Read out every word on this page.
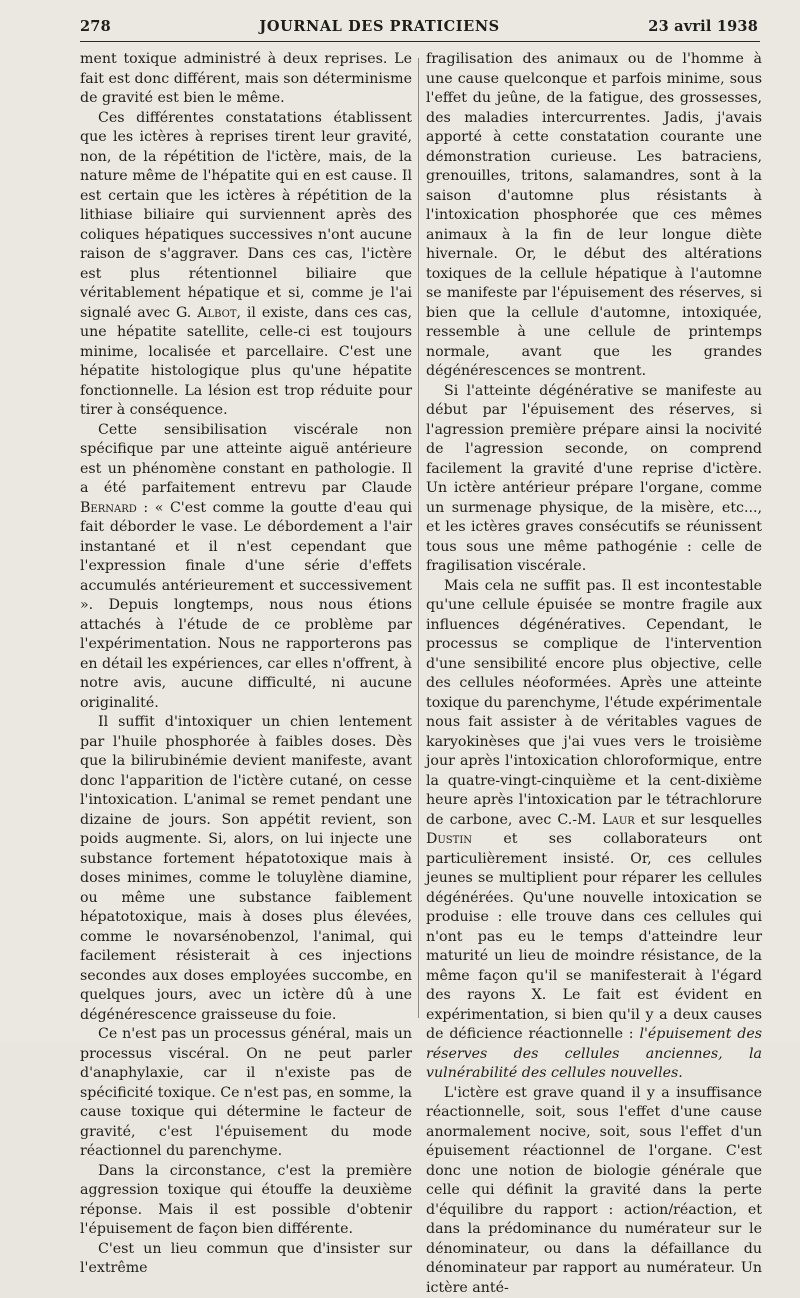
278	JOURNAL DES PRATICIENS	23 avril 1938

ment toxique administré à deux reprises. Le fait est donc différent, mais son déterminisme de gravité est bien le même.

Ces différentes constatations établissent que les ictères à reprises tirent leur gravité, non, de la répétition de l'ictère, mais, de la nature même de l'hépatite qui en est cause. Il est certain que les ictères à répétition de la lithiase biliaire qui surviennent après des coliques hépatiques successives n'ont aucune raison de s'aggraver. Dans ces cas, l'ictère est plus rétentionnel biliaire que véritablement hépatique et si, comme je l'ai signalé avec G. Albot, il existe, dans ces cas, une hépatite satellite, celle-ci est toujours minime, localisée et parcellaire. C'est une hépatite histologique plus qu'une hépatite fonctionnelle. La lésion est trop réduite pour tirer à conséquence.

Cette sensibilisation viscérale non spécifique par une atteinte aiguë antérieure est un phénomène constant en pathologie. Il a été parfaitement entrevu par Claude Bernard : « C'est comme la goutte d'eau qui fait déborder le vase. Le débordement a l'air instantané et il n'est cependant que l'expression finale d'une série d'effets accumulés antérieurement et successivement ». Depuis longtemps, nous nous étions attachés à l'étude de ce problème par l'expérimentation. Nous ne rapporterons pas en détail les expériences, car elles n'offrent, à notre avis, aucune difficulté, ni aucune originalité.

Il suffit d'intoxiquer un chien lentement par l'huile phosphorée à faibles doses. Dès que la bilirubinémie devient manifeste, avant donc l'apparition de l'ictère cutané, on cesse l'intoxication. L'animal se remet pendant une dizaine de jours. Son appétit revient, son poids augmente. Si, alors, on lui injecte une substance fortement hépatotoxique mais à doses minimes, comme le toluylène diamine, ou même une substance faiblement hépatotoxique, mais à doses plus élevées, comme le novarsénobenzol, l'animal, qui facilement résisterait à ces injections secondes aux doses employées succombe, en quelques jours, avec un ictère dû à une dégénérescence graisseuse du foie.

Ce n'est pas un processus général, mais un processus viscéral. On ne peut parler d'anaphylaxie, car il n'existe pas de spécificité toxique. Ce n'est pas, en somme, la cause toxique qui détermine le facteur de gravité, c'est l'épuisement du mode réactionnel du parenchyme.

Dans la circonstance, c'est la première aggression toxique qui étouffe la deuxième réponse. Mais il est possible d'obtenir l'épuisement de façon bien différente.

C'est un lieu commun que d'insister sur l'extrême

fragilisation des animaux ou de l'homme à une cause quelconque et parfois minime, sous l'effet du jeûne, de la fatigue, des grossesses, des maladies intercurrentes. Jadis, j'avais apporté à cette constatation courante une démonstration curieuse. Les batraciens, grenouilles, tritons, salamandres, sont à la saison d'automne plus résistants à l'intoxication phosphorée que ces mêmes animaux à la fin de leur longue diète hivernale. Or, le début des altérations toxiques de la cellule hépatique à l'automne se manifeste par l'épuisement des réserves, si bien que la cellule d'automne, intoxiquée, ressemble à une cellule de printemps normale, avant que les grandes dégénérescences se montrent.

Si l'atteinte dégénérative se manifeste au début par l'épuisement des réserves, si l'agression première prépare ainsi la nocivité de l'agression seconde, on comprend facilement la gravité d'une reprise d'ictère. Un ictère antérieur prépare l'organe, comme un surmenage physique, de la misère, etc..., et les ictères graves consécutifs se réunissent tous sous une même pathogénie : celle de fragilisation viscérale.

Mais cela ne suffit pas. Il est incontestable qu'une cellule épuisée se montre fragile aux influences dégénératives. Cependant, le processus se complique de l'intervention d'une sensibilité encore plus objective, celle des cellules néoformées. Après une atteinte toxique du parenchyme, l'étude expérimentale nous fait assister à de véritables vagues de karyokinèses que j'ai vues vers le troisième jour après l'intoxication chloroformique, entre la quatre-vingt-cinquième et la cent-dixième heure après l'intoxication par le tétrachlorure de carbone, avec C.-M. Laur et sur lesquelles Dustin et ses collaborateurs ont particulièrement insisté. Or, ces cellules jeunes se multiplient pour réparer les cellules dégénérées. Qu'une nouvelle intoxication se produise : elle trouve dans ces cellules qui n'ont pas eu le temps d'atteindre leur maturité un lieu de moindre résistance, de la même façon qu'il se manifesterait à l'égard des rayons X. Le fait est évident en expérimentation, si bien qu'il y a deux causes de déficience réactionnelle : l'épuisement des réserves des cellules anciennes, la vulnérabilité des cellules nouvelles.

L'ictère est grave quand il y a insuffisance réactionnelle, soit, sous l'effet d'une cause anormalement nocive, soit, sous l'effet d'un épuisement réactionnel de l'organe. C'est donc une notion de biologie générale que celle qui définit la gravité dans la perte d'équilibre du rapport : action/réaction, et dans la prédominance du numérateur sur le dénominateur, ou dans la défaillance du dénominateur par rapport au numérateur. Un ictère anté-
